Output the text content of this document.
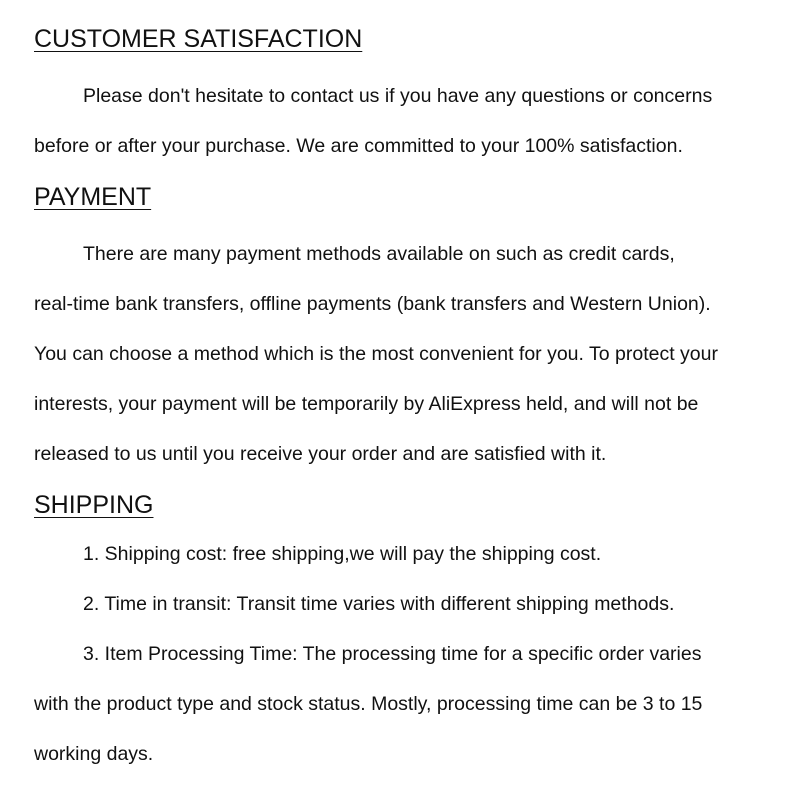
CUSTOMER SATISFACTION

Please don't hesitate to contact us if you have any questions or concerns

before or after your purchase. We are committed to your 100% satisfaction.

PAYMENT

There are many payment methods available on such as credit cards,

real-time bank transfers, offline payments (bank transfers and Western Union).

You can choose a method which is the most convenient for you. To protect your

interests, your payment will be temporarily by AliExpress held, and will not be

released to us until you receive your order and are satisfied with it.

SHIPPING

1. Shipping cost: free shipping,we will pay the shipping cost.

2. Time in transit: Transit time varies with different shipping methods.

3. Item Processing Time: The processing time for a specific order varies

with the product type and stock status. Mostly, processing time can be 3 to 15

working days.
